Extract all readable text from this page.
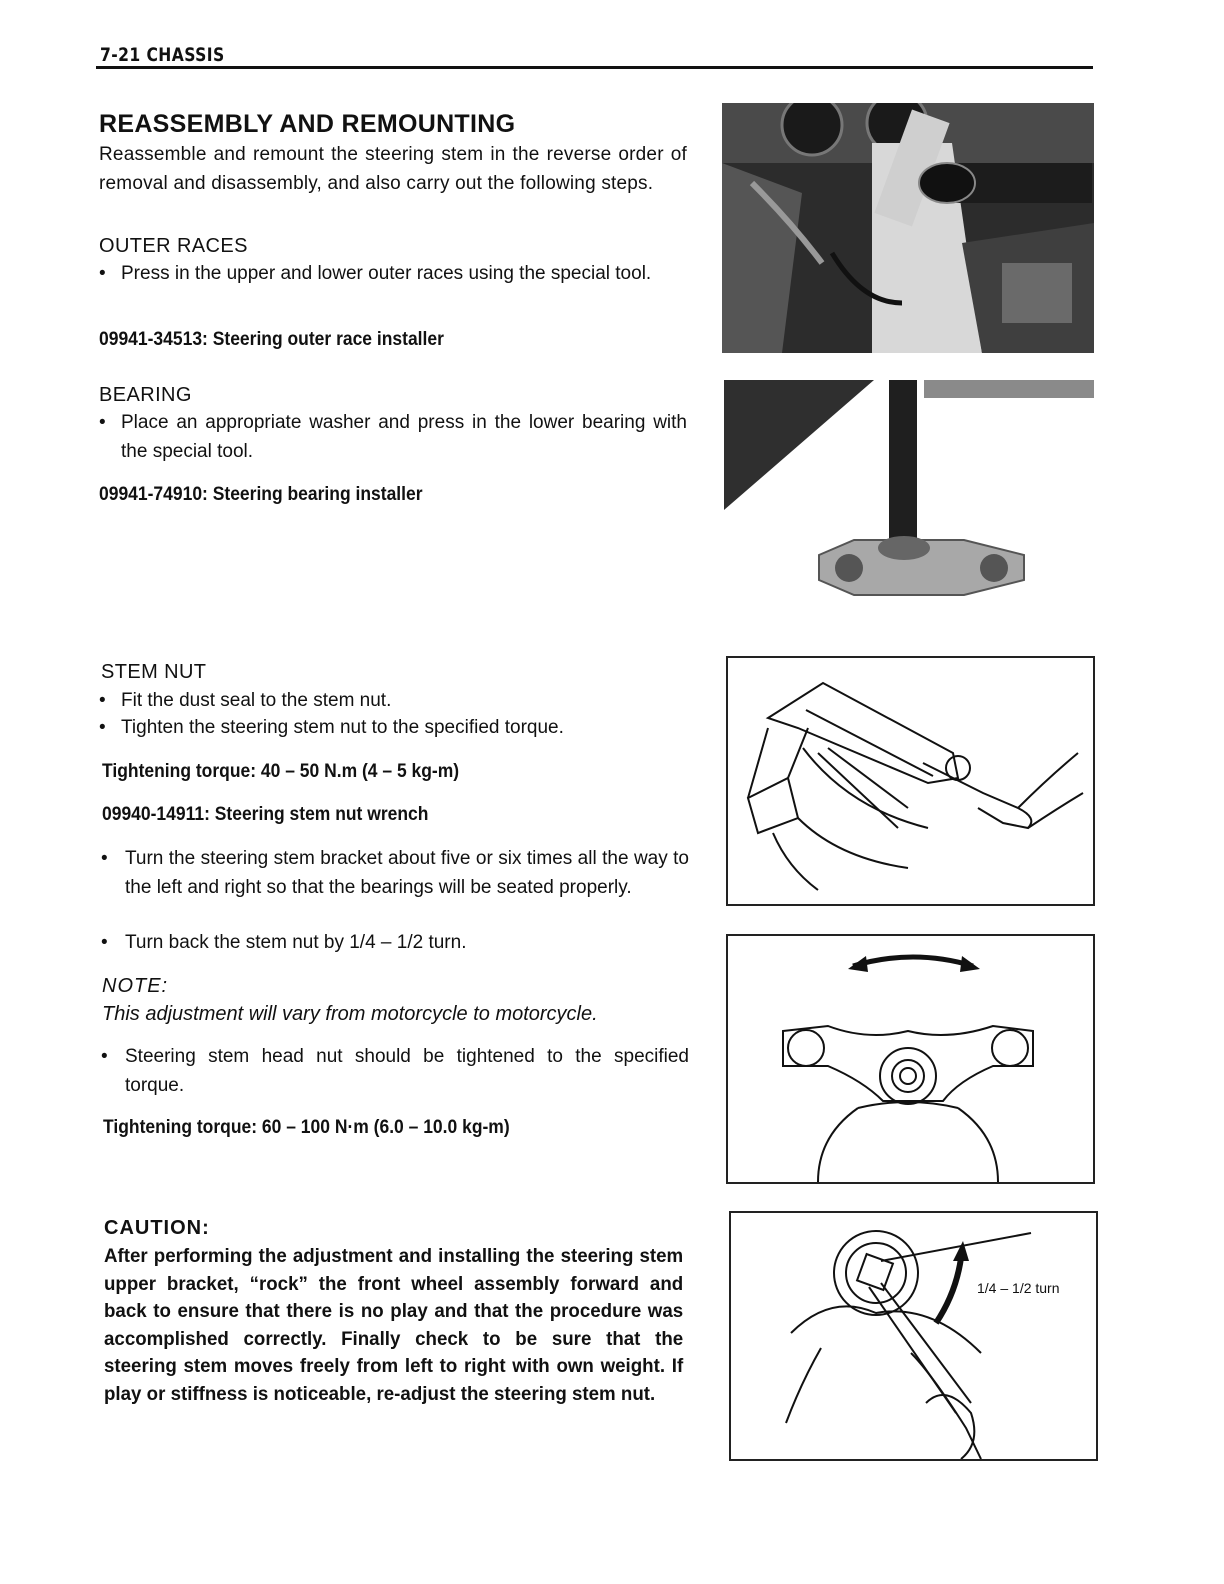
7-21 CHASSIS
REASSEMBLY AND REMOUNTING
Reassemble and remount the steering stem in the reverse order of removal and disassembly, and also carry out the following steps.
OUTER RACES
• Press in the upper and lower outer races using the special tool.
09941-34513: Steering outer race installer
BEARING
• Place an appropriate washer and press in the lower bearing with the special tool.
09941-74910: Steering bearing installer
STEM NUT
• Fit the dust seal to the stem nut.
• Tighten the steering stem nut to the specified torque.
Tightening torque: 40 – 50 N.m (4 – 5 kg-m)
09940-14911: Steering stem nut wrench
• Turn the steering stem bracket about five or six times all the way to the left and right so that the bearings will be seated properly.
• Turn back the stem nut by 1/4 – 1/2 turn.
NOTE:
This adjustment will vary from motorcycle to motorcycle.
• Steering stem head nut should be tightened to the specified torque.
Tightening torque: 60 – 100 N·m (6.0 – 10.0 kg-m)
CAUTION:
After performing the adjustment and installing the steering stem upper bracket, “rock” the front wheel assembly forward and back to ensure that there is no play and that the procedure was accomplished correctly. Finally check to be sure that the steering stem moves freely from left to right with own weight. If play or stiffness is noticeable, re-adjust the steering stem nut.
1/4 – 1/2 turn
